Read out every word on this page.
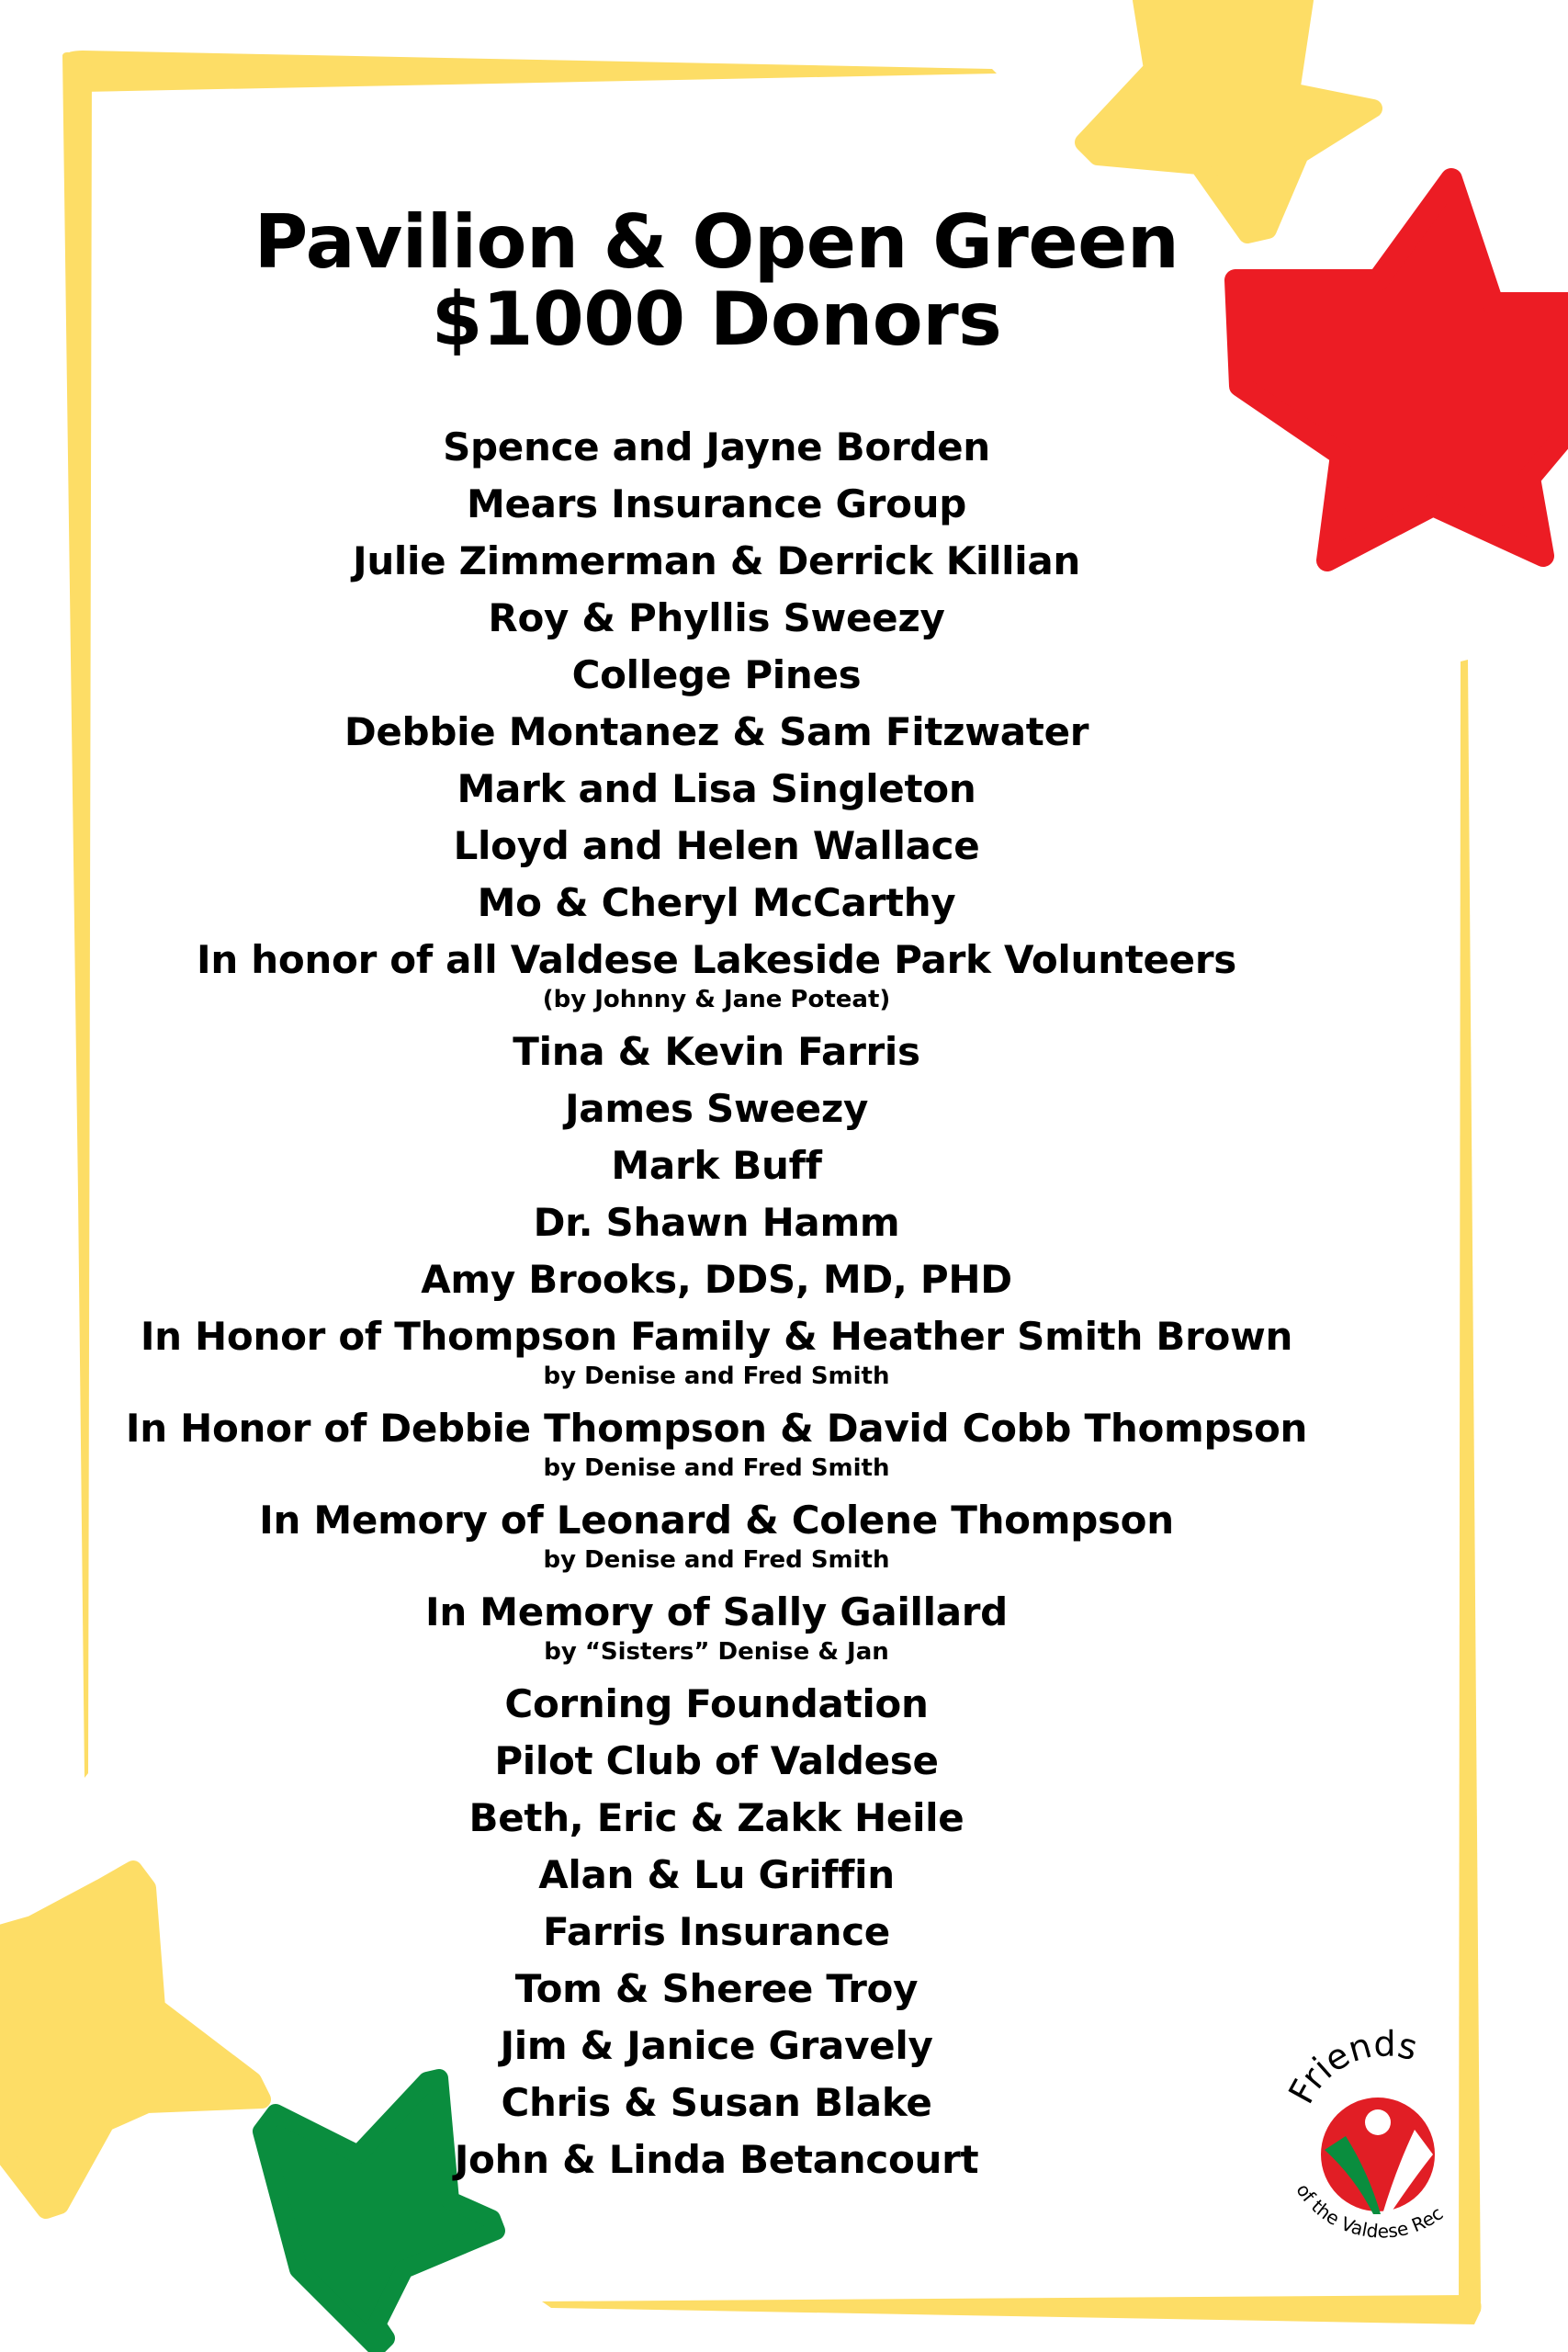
Pavilion & Open Green
$1000 Donors
Spence and Jayne Borden
Mears Insurance Group
Julie Zimmerman & Derrick Killian
Roy & Phyllis Sweezy
College Pines
Debbie Montanez & Sam Fitzwater
Mark and Lisa Singleton
Lloyd and Helen Wallace
Mo & Cheryl McCarthy
In honor of all Valdese Lakeside Park Volunteers
(by Johnny & Jane Poteat)
Tina & Kevin Farris
James Sweezy
Mark Buff
Dr. Shawn Hamm
Amy Brooks, DDS, MD, PHD
In Honor of Thompson Family & Heather Smith Brown
by Denise and Fred Smith
In Honor of Debbie Thompson & David Cobb Thompson
by Denise and Fred Smith
In Memory of Leonard & Colene Thompson
by Denise and Fred Smith
In Memory of Sally Gaillard
by “Sisters” Denise & Jan
Corning Foundation
Pilot Club of Valdese
Beth, Eric & Zakk Heile
Alan & Lu Griffin
Farris Insurance
Tom & Sheree Troy
Jim & Janice Gravely
Chris & Susan Blake
John & Linda Betancourt
Friends
of the Valdese Rec
